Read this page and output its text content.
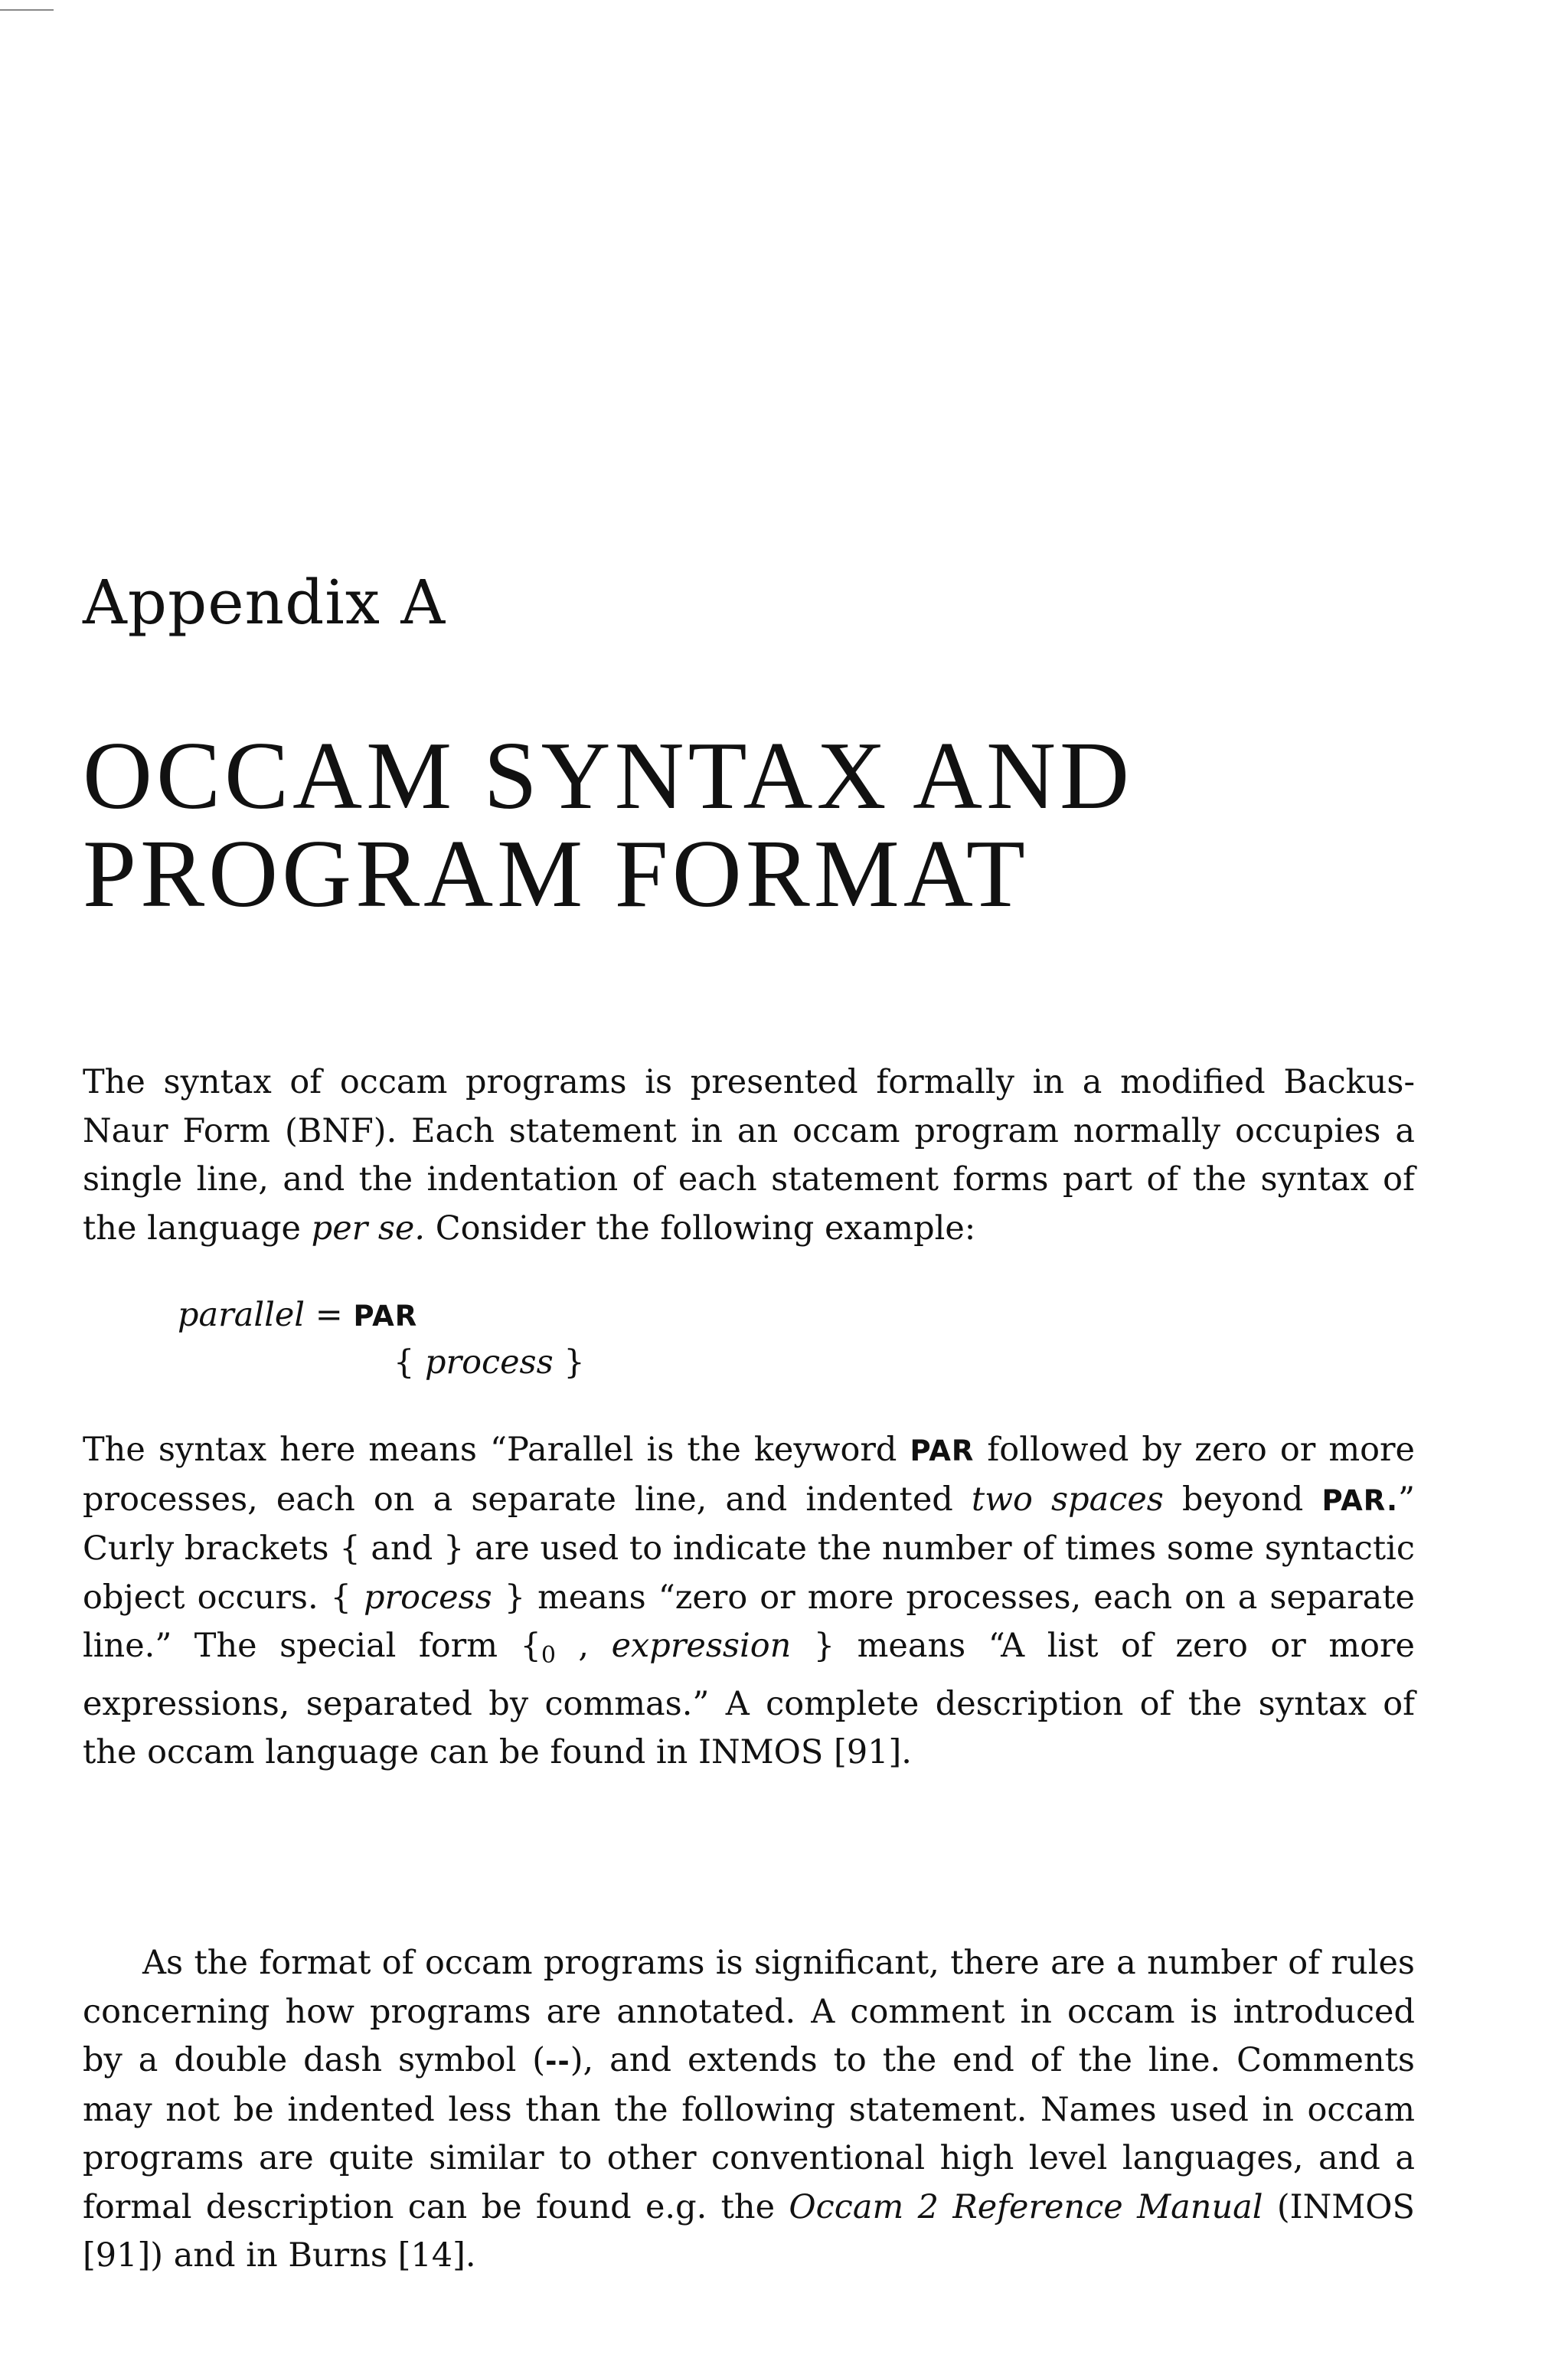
Appendix A
OCCAM SYNTAX AND
PROGRAM FORMAT

The syntax of occam programs is presented formally in a modified Backus-Naur Form (BNF). Each statement in an occam program normally occupies a single line, and the indentation of each statement forms part of the syntax of the language per se. Consider the following example:

parallel = PAR
{ process }

The syntax here means “Parallel is the keyword PAR followed by zero or more processes, each on a separate line, and indented two spaces beyond PAR.” Curly brackets { and } are used to indicate the number of times some syntactic object occurs. { process } means “zero or more processes, each on a separate line.” The special form {$_0$ , expression } means “A list of zero or more expressions, separated by commas.” A complete description of the syntax of the occam language can be found in INMOS [91].

As the format of occam programs is significant, there are a number of rules concerning how programs are annotated. A comment in occam is introduced by a double dash symbol (--), and extends to the end of the line. Comments may not be indented less than the following statement. Names used in occam programs are quite similar to other conventional high level languages, and a formal description can be found e.g. the Occam 2 Reference Manual (INMOS [91]) and in Burns [14].
